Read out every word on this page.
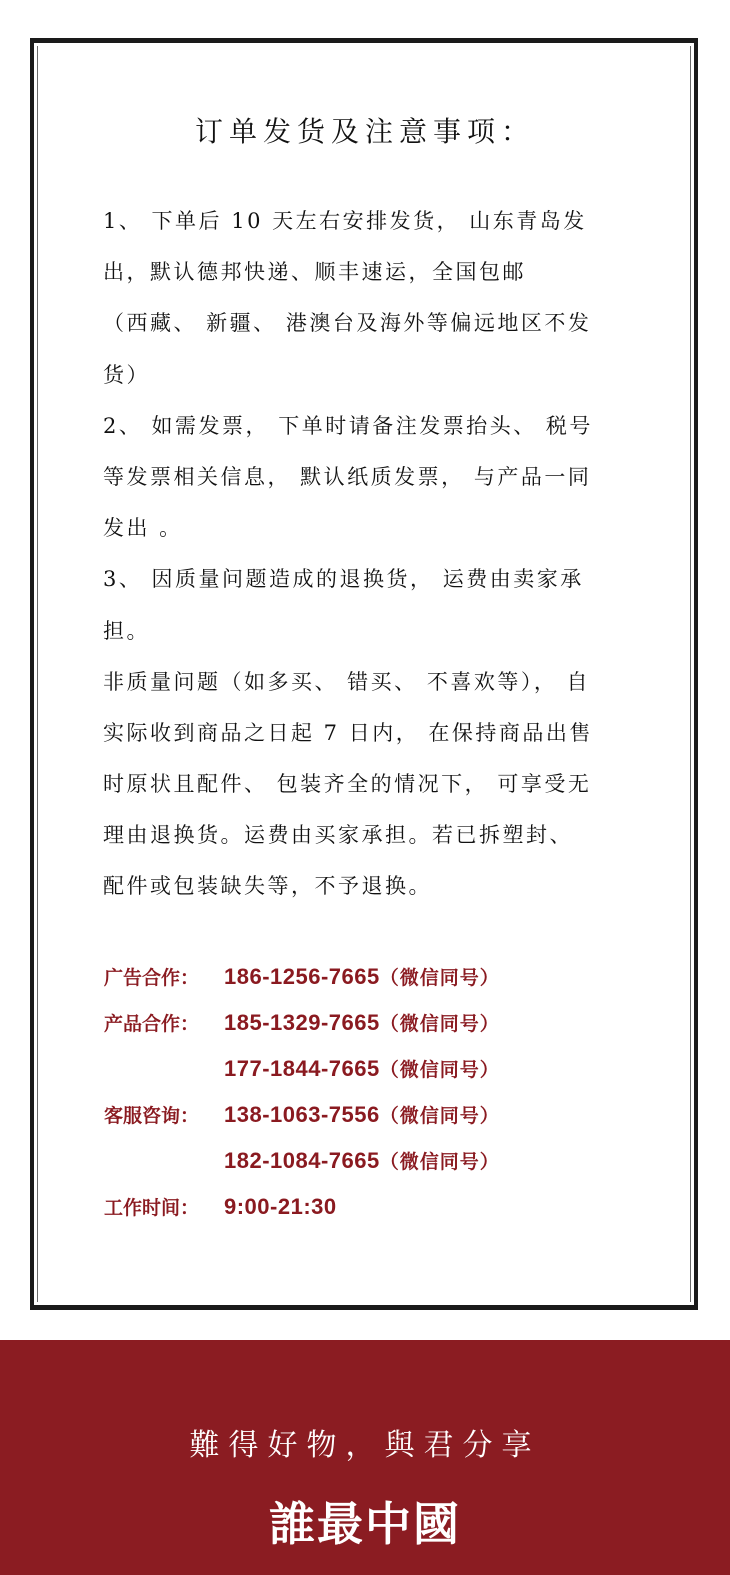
订单发货及注意事项：
1、 下单后 10 天左右安排发货， 山东青岛发
出，默认德邦快递、顺丰速运，全国包邮
（西藏、 新疆、 港澳台及海外等偏远地区不发
货）
2、 如需发票， 下单时请备注发票抬头、 税号
等发票相关信息， 默认纸质发票， 与产品一同
发出 。
3、 因质量问题造成的退换货， 运费由卖家承
担。
非质量问题（如多买、 错买、 不喜欢等）， 自
实际收到商品之日起 7 日内， 在保持商品出售
时原状且配件、 包装齐全的情况下， 可享受无
理由退换货。运费由买家承担。若已拆塑封、
配件或包装缺失等，不予退换。
广告合作： 186-1256-7665（微信同号）
产品合作： 185-1329-7665（微信同号）
177-1844-7665（微信同号）
客服咨询： 138-1063-7556（微信同号）
182-1084-7665（微信同号）
工作时间： 9:00-21:30
難得好物，與君分享
誰最中國
